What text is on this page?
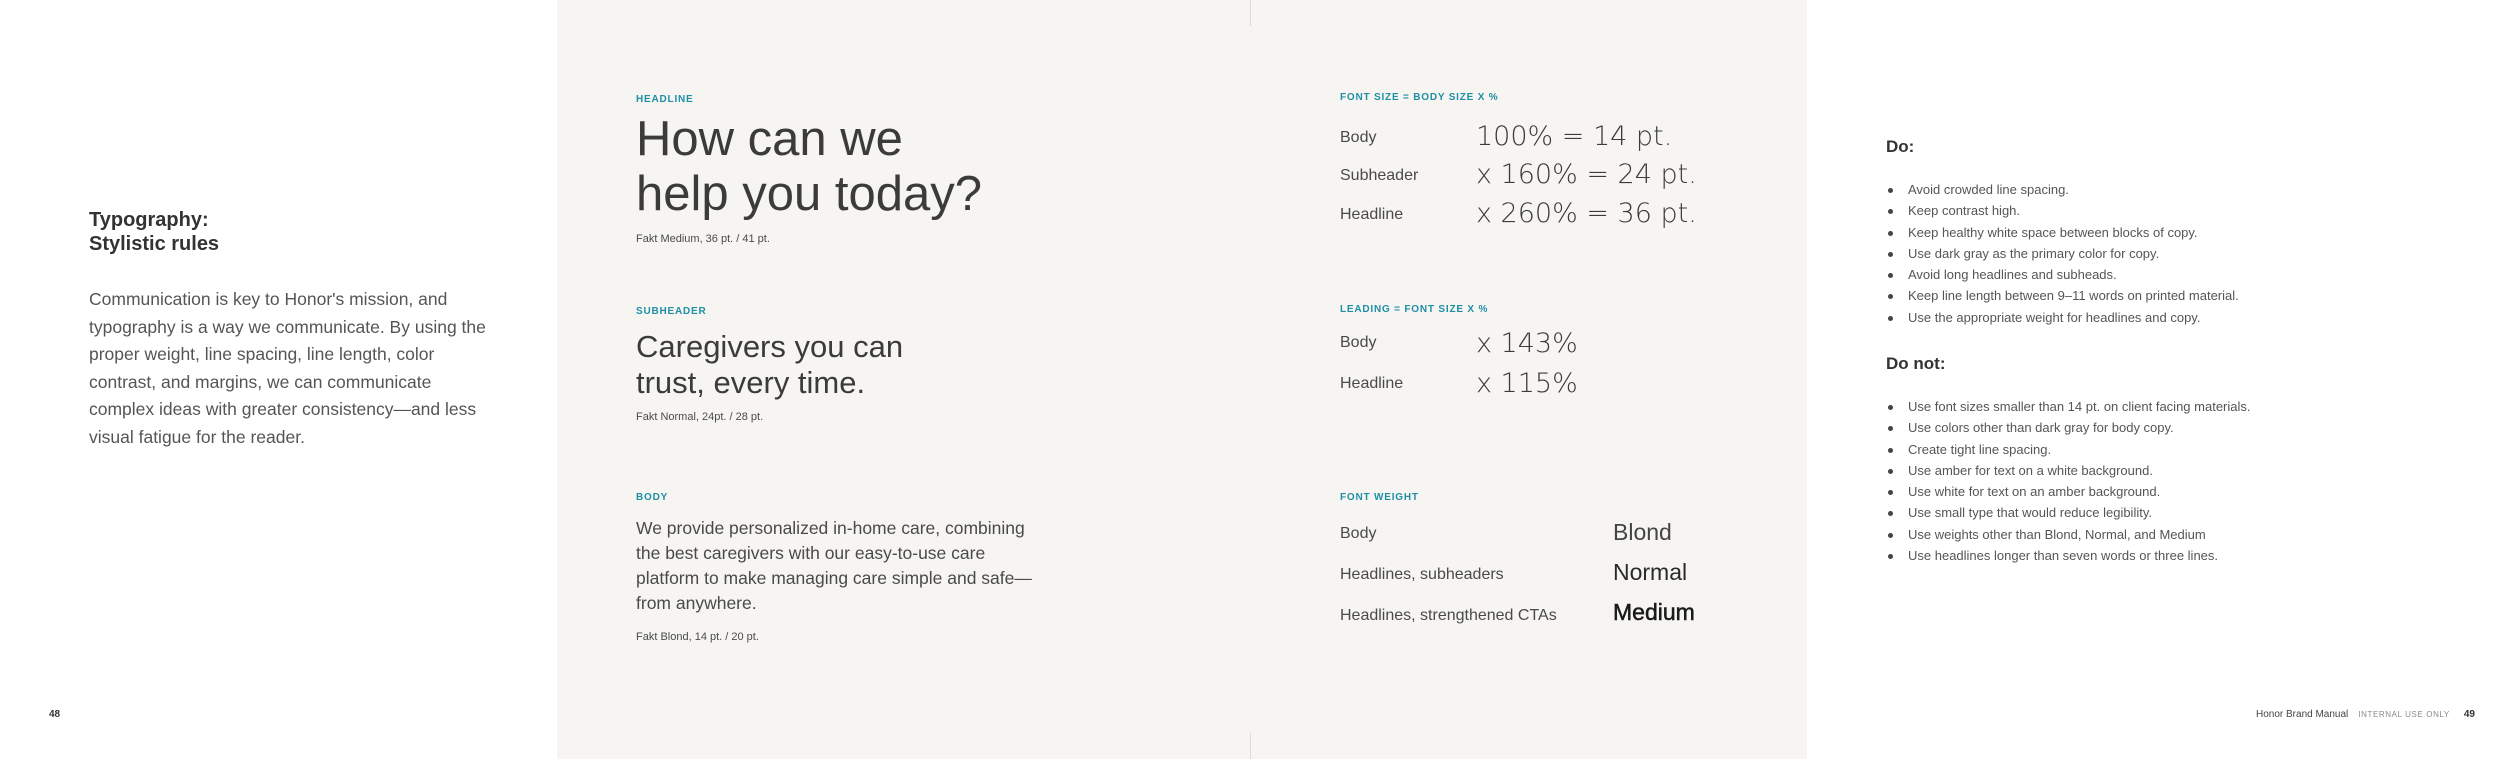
Typography:
Stylistic rules
Communication is key to Honor's mission, and typography is a way we communicate. By using the proper weight, line spacing, line length, color contrast, and margins, we can communicate complex ideas with greater consistency—and less visual fatigue for the reader.
48
HEADLINE
How can we
help you today?
Fakt Medium, 36 pt. / 41 pt.
SUBHEADER
Caregivers you can
trust, every time.
Fakt Normal, 24pt. / 28 pt.
BODY
We provide personalized in-home care, combining the best caregivers with our easy-to-use care platform to make managing care simple and safe—from anywhere.
Fakt Blond, 14 pt. / 20 pt.
FONT SIZE = BODY SIZE X %
Body	100% = 14 pt.
Subheader x 160% = 24 pt.
Headline	x 260% = 36 pt.
LEADING = FONT SIZE X %
Body	x 143%
Headline	x 115%
FONT WEIGHT
Body	Blond
Headlines, subheaders	Normal
Headlines, strengthened CTAs Medium
Do:
Avoid crowded line spacing.
Keep contrast high.
Keep healthy white space between blocks of copy.
Use dark gray as the primary color for copy.
Avoid long headlines and subheads.
Keep line length between 9–11 words on printed material.
Use the appropriate weight for headlines and copy.
Do not:
Use font sizes smaller than 14 pt. on client facing materials.
Use colors other than dark gray for body copy.
Create tight line spacing.
Use amber for text on a white background.
Use white for text on an amber background.
Use small type that would reduce legibility.
Use weights other than Blond, Normal, and Medium
Use headlines longer than seven words or three lines.
Honor Brand Manual INTERNAL USE ONLY 49
